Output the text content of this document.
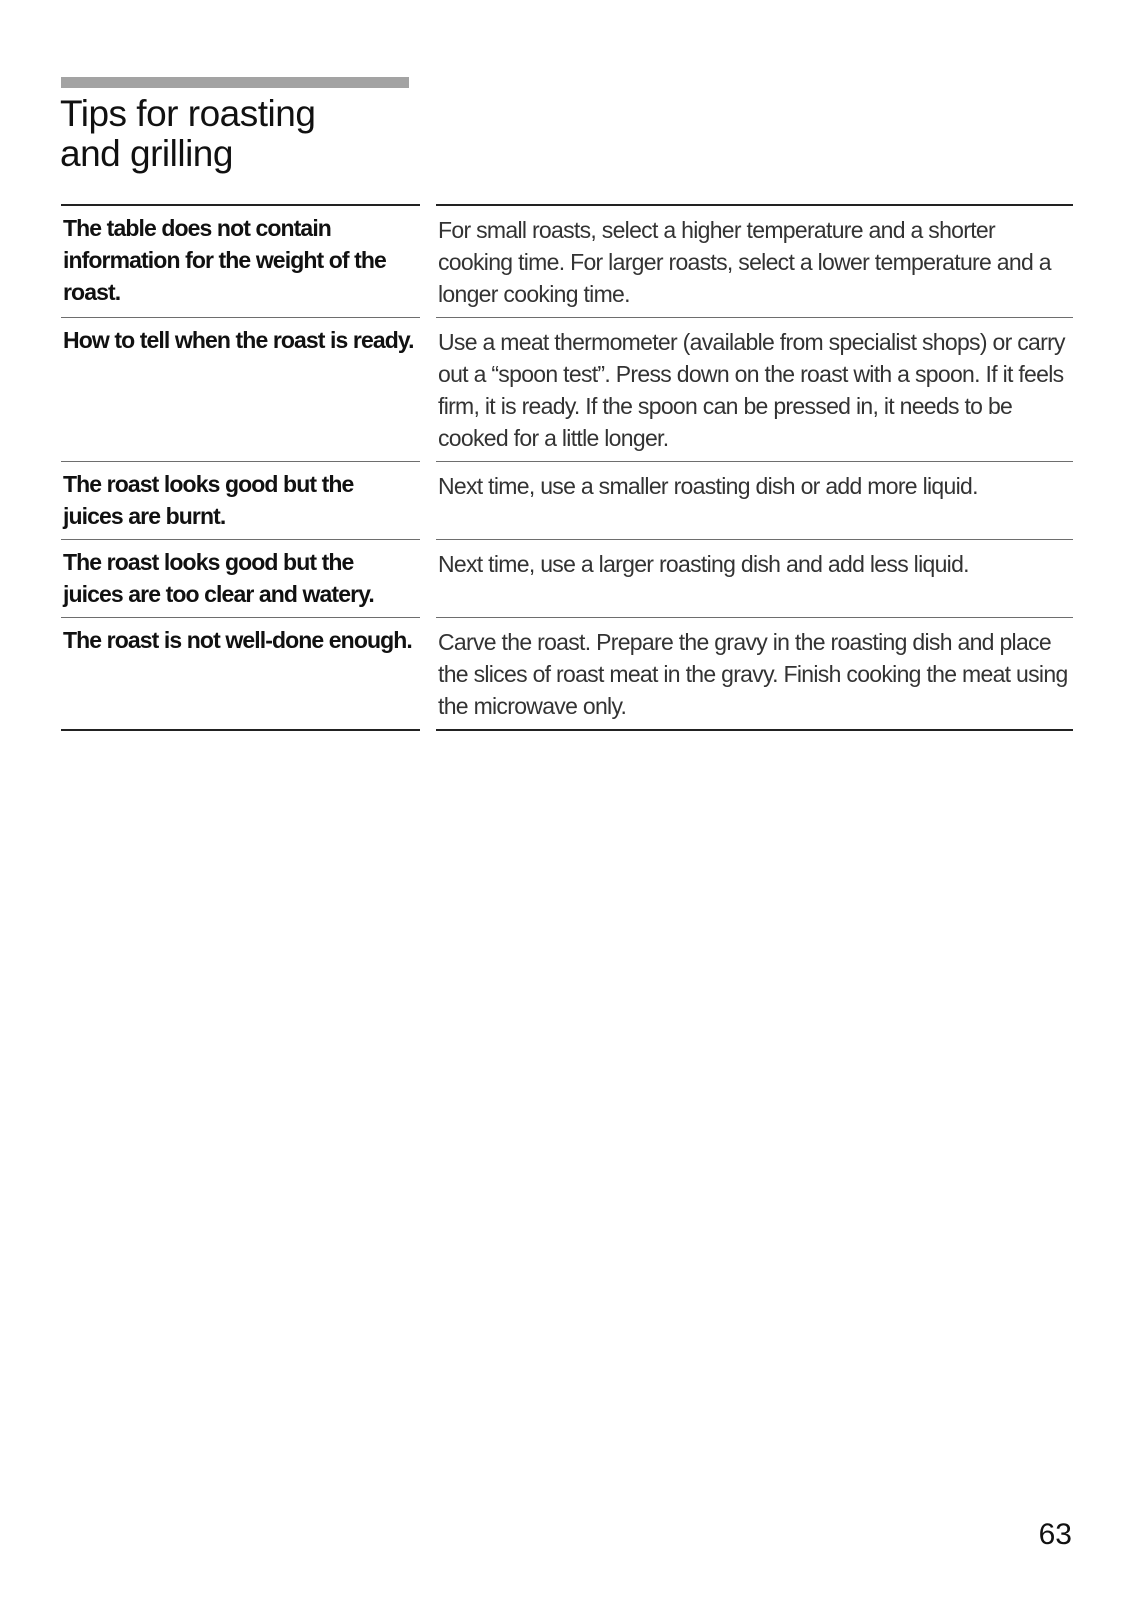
Tips for roasting
and grilling
The table does not contain information for the weight of the roast.
For small roasts, select a higher temperature and a shorter cooking time. For larger roasts, select a lower temperature and a longer cooking time.
How to tell when the roast is ready. Use a meat thermometer (available from specialist shops) or carry out a “spoon test”. Press down on the roast with a spoon. If it feels firm, it is ready. If the spoon can be pressed in, it needs to be cooked for a little longer.
The roast looks good but the juices are burnt.
Next time, use a smaller roasting dish or add more liquid.
The roast looks good but the juices are too clear and watery.
Next time, use a larger roasting dish and add less liquid.
The roast is not well-done enough.	Carve the roast. Prepare the gravy in the roasting dish and place the slices of roast meat in the gravy. Finish cooking the meat using the microwave only.
63
